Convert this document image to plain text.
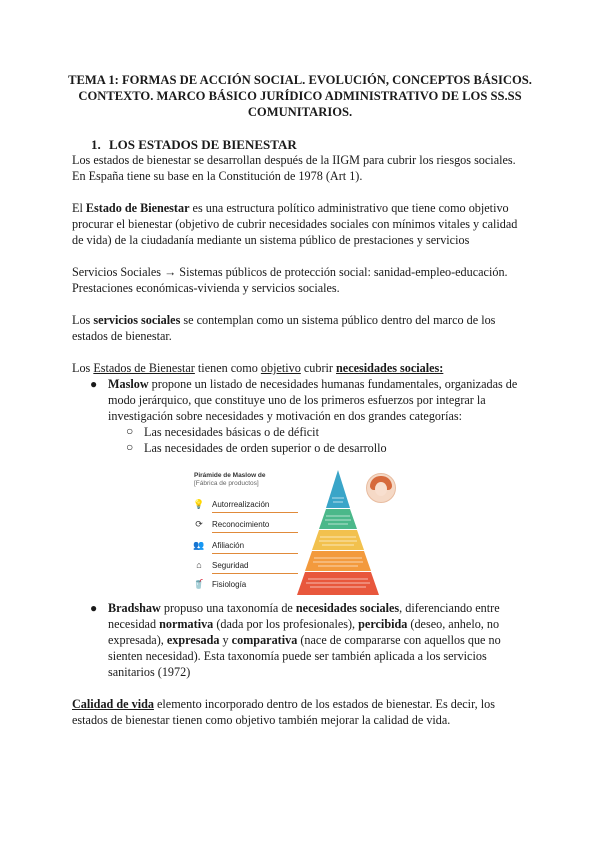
TEMA 1: FORMAS DE ACCIÓN SOCIAL. EVOLUCIÓN, CONCEPTOS BÁSICOS.
CONTEXTO. MARCO BÁSICO JURÍDICO ADMINISTRATIVO DE LOS SS.SS
COMUNITARIOS.
1. LOS ESTADOS DE BIENESTAR
Los estados de bienestar se desarrollan después de la IIGM para cubrir los riesgos sociales.
En España tiene su base en la Constitución de 1978 (Art 1).
El Estado de Bienestar es una estructura político administrativo que tiene como objetivo
procurar el bienestar (objetivo de cubrir necesidades sociales con mínimos vitales y calidad
de vida) de la ciudadanía mediante un sistema público de prestaciones y servicios
Servicios Sociales → Sistemas públicos de protección social: sanidad-empleo-educación.
Prestaciones económicas-vivienda y servicios sociales.
Los servicios sociales se contemplan como un sistema público dentro del marco de los
estados de bienestar.
Los Estados de Bienestar tienen como objetivo cubrir necesidades sociales:
● Maslow propone un listado de necesidades humanas fundamentales, organizadas de
modo jerárquico, que constituye uno de los primeros esfuerzos por integrar la
investigación sobre necesidades y motivación en dos grandes categorías:
○ Las necesidades básicas o de déficit
○ Las necesidades de orden superior o de desarrollo
Pirámide de Maslow de
[Fábrica de productos]
💡 Autorrealización
⟳	Reconocimiento
👥 Afiliación
⌂	Seguridad
🥤 Fisiología
● Bradshaw propuso una taxonomía de necesidades sociales, diferenciando entre
necesidad normativa (dada por los profesionales), percibida (deseo, anhelo, no
expresada), expresada y comparativa (nace de compararse con aquellos que no
sienten necesidad). Esta taxonomía puede ser también aplicada a los servicios
sanitarios (1972)
Calidad de vida elemento incorporado dentro de los estados de bienestar. Es decir, los
estados de bienestar tienen como objetivo también mejorar la calidad de vida.
